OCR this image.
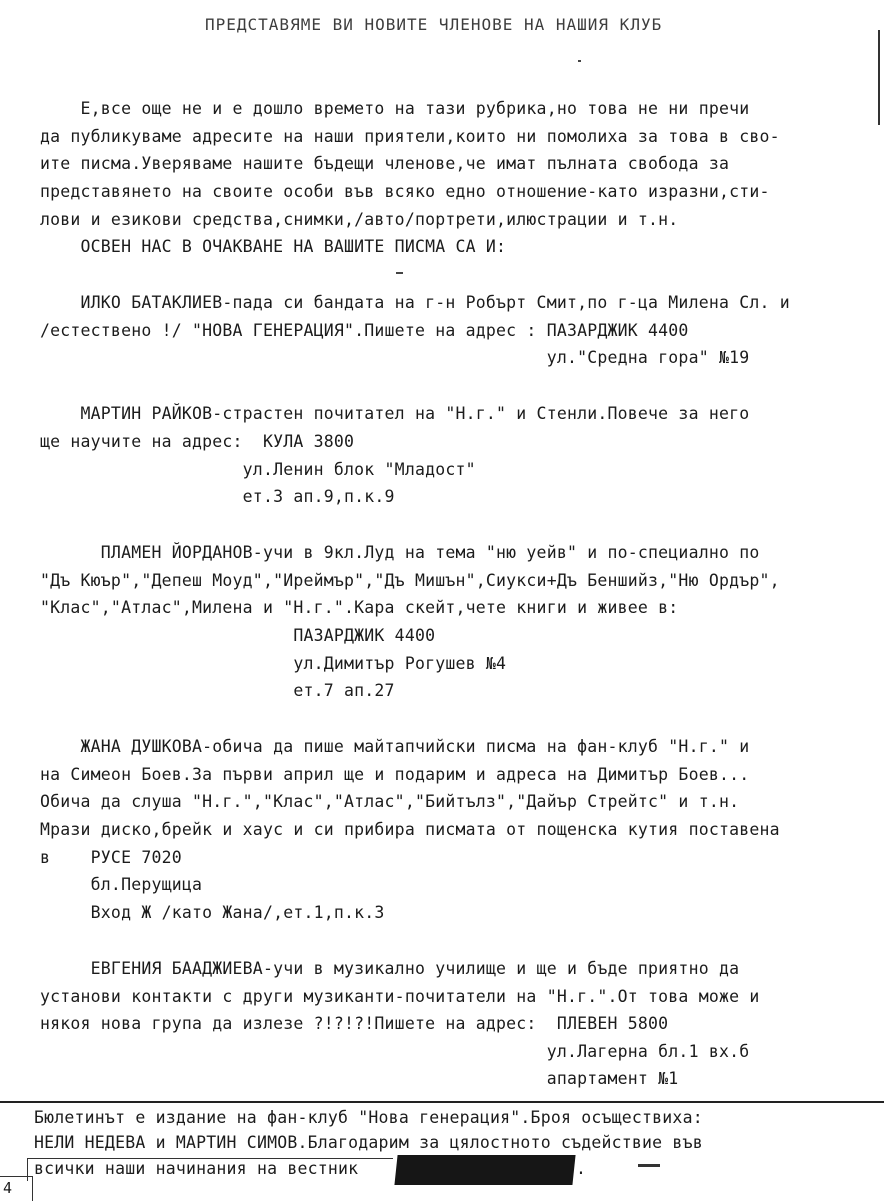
ПРЕДСТАВЯМЕ ВИ НОВИТЕ ЧЛЕНОВЕ НА НАШИЯ КЛУБ
Е,все още не и е дошло времето на тази рубрика,но това не ни пречи
да публикуваме адресите на наши приятели,които ни помолиха за това в сво-
ите писма.Уверяваме нашите бъдещи членове,че имат пълната свобода за
представянето на своите особи във всяко едно отношение-като изразни,сти-
лови и езикови средства,снимки,/авто/портрети,илюстрации и т.н.
ОСВЕН НАС В ОЧАКВАНЕ НА ВАШИТЕ ПИСМА СА И:
ИЛКО БАТАКЛИЕВ-пада си бандата на г-н Робърт Смит,по г-ца Милена Сл. и
/естествено !/ "НОВА ГЕНЕРАЦИЯ".Пишете на адрес : ПАЗАРДЖИК 4400
ул."Средна гора" №19
МАРТИН РАЙКОВ-страстен почитател на "Н.г." и Стенли.Повече за него
ще научите на адрес:  КУЛА 3800
ул.Ленин блок "Младост"
ет.3 ап.9,п.к.9
ПЛАМЕН ЙОРДАНОВ-учи в 9кл.Луд на тема "ню уейв" и по-специално по
"Дъ Кюър","Депеш Моуд","Иреймър","Дъ Мишън",Сиукси+Дъ Беншийз,"Ню Ордър",
"Клас","Атлас",Милена и "Н.г.".Кара скейт,чете книги и живее в:
ПАЗАРДЖИК 4400
ул.Димитър Рогушев №4
ет.7 ап.27
ЖАНА ДУШКОВА-обича да пише майтапчийски писма на фан-клуб "Н.г." и
на Симеон Боев.За първи април ще и подарим и адреса на Димитър Боев...
Обича да слуша "Н.г.","Клас","Атлас","Бийтълз","Дайър Стрейтс" и т.н.
Мрази диско,брейк и хаус и си прибира писмата от пощенска кутия поставена
в    РУСЕ 7020
бл.Перущица
Вход Ж /като Жана/,ет.1,п.к.3
ЕВГЕНИЯ БААДЖИЕВА-учи в музикално училище и ще и бъде приятно да
установи контакти с други музиканти-почитатели на "Н.г.".От това може и
някоя нова група да излезе ?!?!?!Пишете на адрес:  ПЛЕВЕН 5800
ул.Лагерна бл.1 вх.б
апартамент №1
Бюлетинът е издание на фан-клуб "Нова генерация".Броя осъществиха:
НЕЛИ НЕДЕВА и МАРТИН СИМОВ.Благодарим за цялостното съдействие във
всички наши начинания на вестник	.
4
